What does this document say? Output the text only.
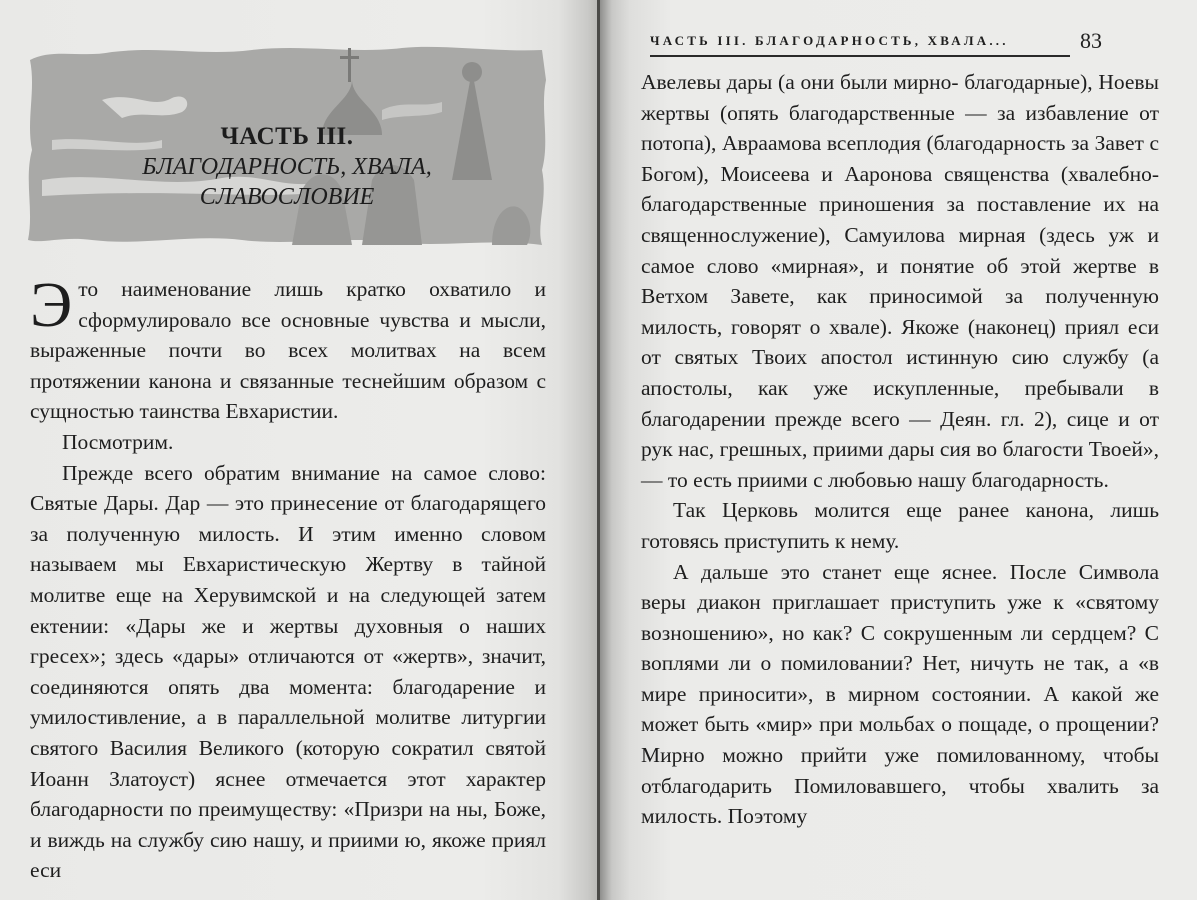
ЧАСТЬ III.
БЛАГОДАРНОСТЬ, ХВАЛА,
СЛАВОСЛОВИЕ

Это наименование лишь кратко охватило и сформулировало все основные чувства и мысли, выраженные почти во всех молитвах на всем протяжении канона и связанные теснейшим образом с сущностью таинства Евхаристии.

Посмотрим.

Прежде всего обратим внимание на самое слово: Святые Дары. Дар — это принесение от благодарящего за полученную милость. И этим именно словом называем мы Евхаристическую Жертву в тайной молитве еще на Херувимской и на следующей затем ектении: «Дары же и жертвы духовныя о наших гресех»; здесь «дары» отличаются от «жертв», значит, соединяются опять два момента: благодарение и умилостивление, а в параллельной молитве литургии святого Василия Великого (которую сократил святой Иоанн Златоуст) яснее отмечается этот характер благодарности по преимуществу: «Призри на ны, Боже, и виждь на службу сию нашу, и приими ю, якоже приял еси

ЧАСТЬ III. БЛАГОДАРНОСТЬ, ХВАЛА...	83

Авелевы дары (а они были мирно- благодарные), Ноевы жертвы (опять благодарственные — за избавление от потопа), Авраамова всеплодия (благодарность за Завет с Богом), Моисеева и Ааронова священства (хвалебно-благодарственные приношения за поставление их на священнослужение), Самуилова мирная (здесь уж и самое слово «мирная», и понятие об этой жертве в Ветхом Завете, как приносимой за полученную милость, говорят о хвале). Якоже (наконец) приял еси от святых Твоих апостол истинную сию службу (а апостолы, как уже искупленные, пребывали в благодарении прежде всего — Деян. гл. 2), сице и от рук нас, грешных, приими дары сия во благости Твоей», — то есть приими с любовью нашу благодарность.

Так Церковь молится еще ранее канона, лишь готовясь приступить к нему.

А дальше это станет еще яснее. После Символа веры диакон приглашает приступить уже к «святому возношению», но как? С сокрушенным ли сердцем? С воплями ли о помиловании? Нет, ничуть не так, а «в мире приносити», в мирном состоянии. А какой же может быть «мир» при мольбах о пощаде, о прощении? Мирно можно прийти уже помилованному, чтобы отблагодарить Помиловавшего, чтобы хвалить за милость. Поэтому
